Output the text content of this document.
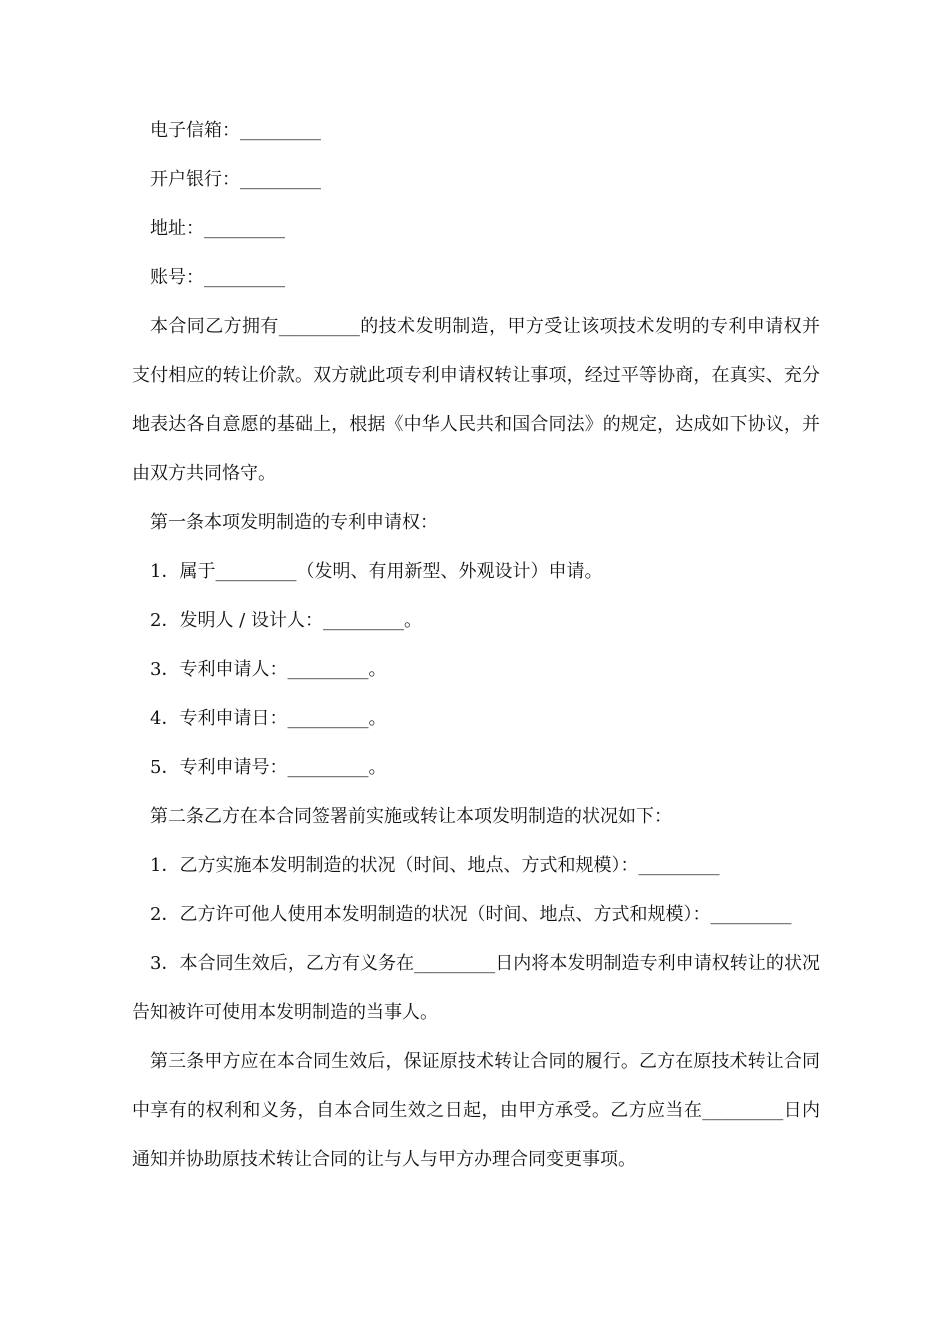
电子信箱：_________

开户银行：_________

地址：_________

账号：_________

本合同乙方拥有_________的技术发明制造，甲方受让该项技术发明的专利申请权并支付相应的转让价款。双方就此项专利申请权转让事项，经过平等协商，在真实、充分地表达各自意愿的基础上，根据《中华人民共和国合同法》的规定，达成如下协议，并由双方共同恪守。

第一条本项发明制造的专利申请权：

1．属于_________（发明、有用新型、外观设计）申请。

2．发明人 / 设计人：_________。

3．专利申请人：_________。

4．专利申请日：_________。

5．专利申请号：_________。

第二条乙方在本合同签署前实施或转让本项发明制造的状况如下：

1．乙方实施本发明制造的状况（时间、地点、方式和规模）：_________

2．乙方许可他人使用本发明制造的状况（时间、地点、方式和规模）：_________

3．本合同生效后，乙方有义务在_________日内将本发明制造专利申请权转让的状况告知被许可使用本发明制造的当事人。

第三条甲方应在本合同生效后，保证原技术转让合同的履行。乙方在原技术转让合同中享有的权利和义务，自本合同生效之日起，由甲方承受。乙方应当在_________日内通知并协助原技术转让合同的让与人与甲方办理合同变更事项。
